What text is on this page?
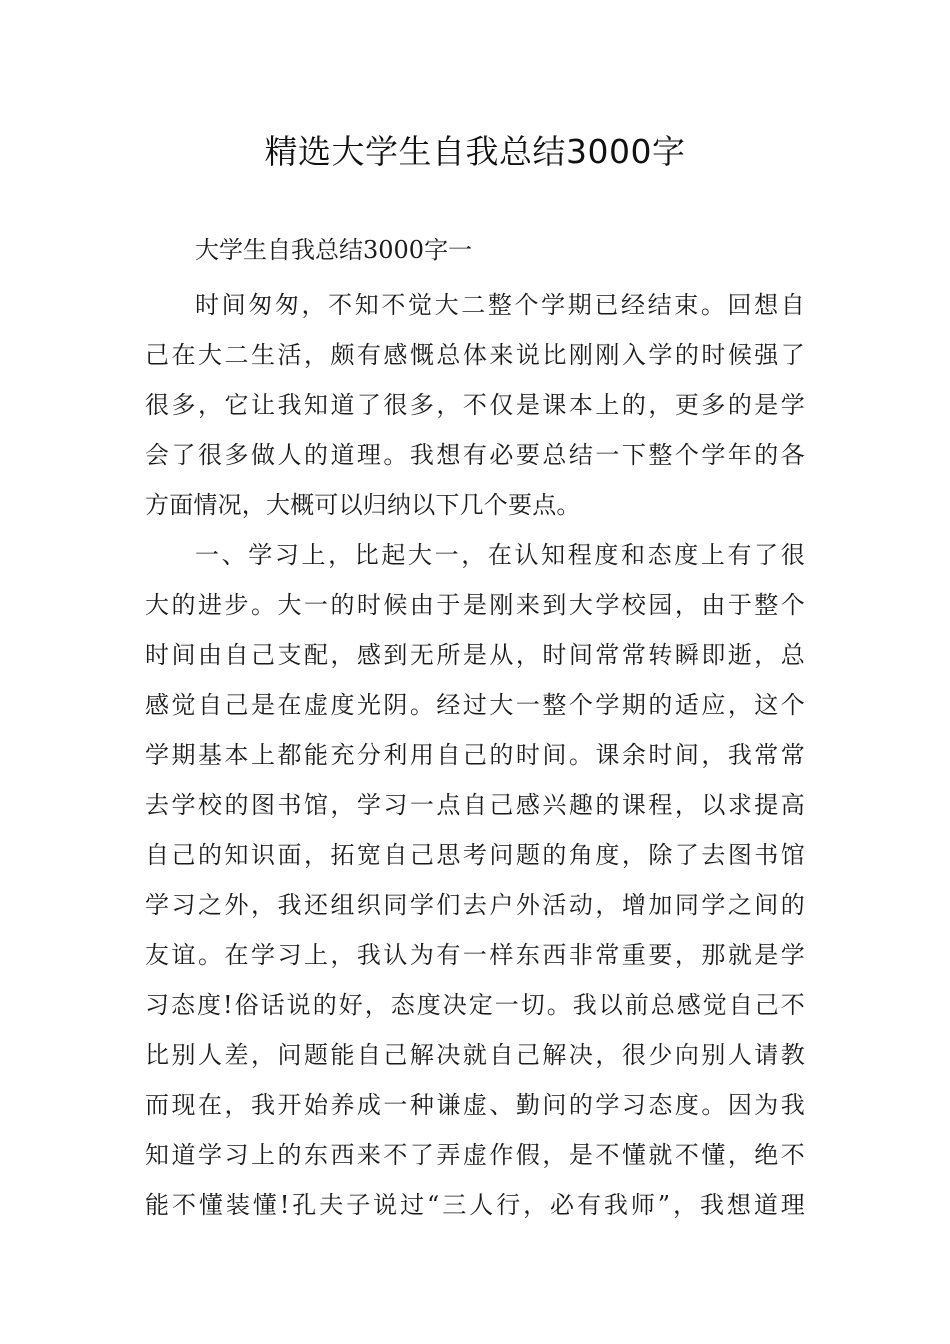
精选大学生自我总结3000字

大学生自我总结3000字一

时间匆匆，不知不觉大二整个学期已经结束。回想自
己在大二生活，颇有感慨总体来说比刚刚入学的时候强了
很多，它让我知道了很多，不仅是课本上的，更多的是学
会了很多做人的道理。我想有必要总结一下整个学年的各
方面情况，大概可以归纳以下几个要点。
一、学习上，比起大一，在认知程度和态度上有了很
大的进步。大一的时候由于是刚来到大学校园，由于整个
时间由自己支配，感到无所是从，时间常常转瞬即逝，总
感觉自己是在虚度光阴。经过大一整个学期的适应，这个
学期基本上都能充分利用自己的时间。课余时间，我常常
去学校的图书馆，学习一点自己感兴趣的课程，以求提高
自己的知识面，拓宽自己思考问题的角度，除了去图书馆
学习之外，我还组织同学们去户外活动，增加同学之间的
友谊。在学习上，我认为有一样东西非常重要，那就是学
习态度!俗话说的好，态度决定一切。我以前总感觉自己不
比别人差，问题能自己解决就自己解决，很少向别人请教
而现在，我开始养成一种谦虚、勤问的学习态度。因为我
知道学习上的东西来不了弄虚作假，是不懂就不懂，绝不
能不懂装懂!孔夫子说过“三人行，必有我师”，我想道理
